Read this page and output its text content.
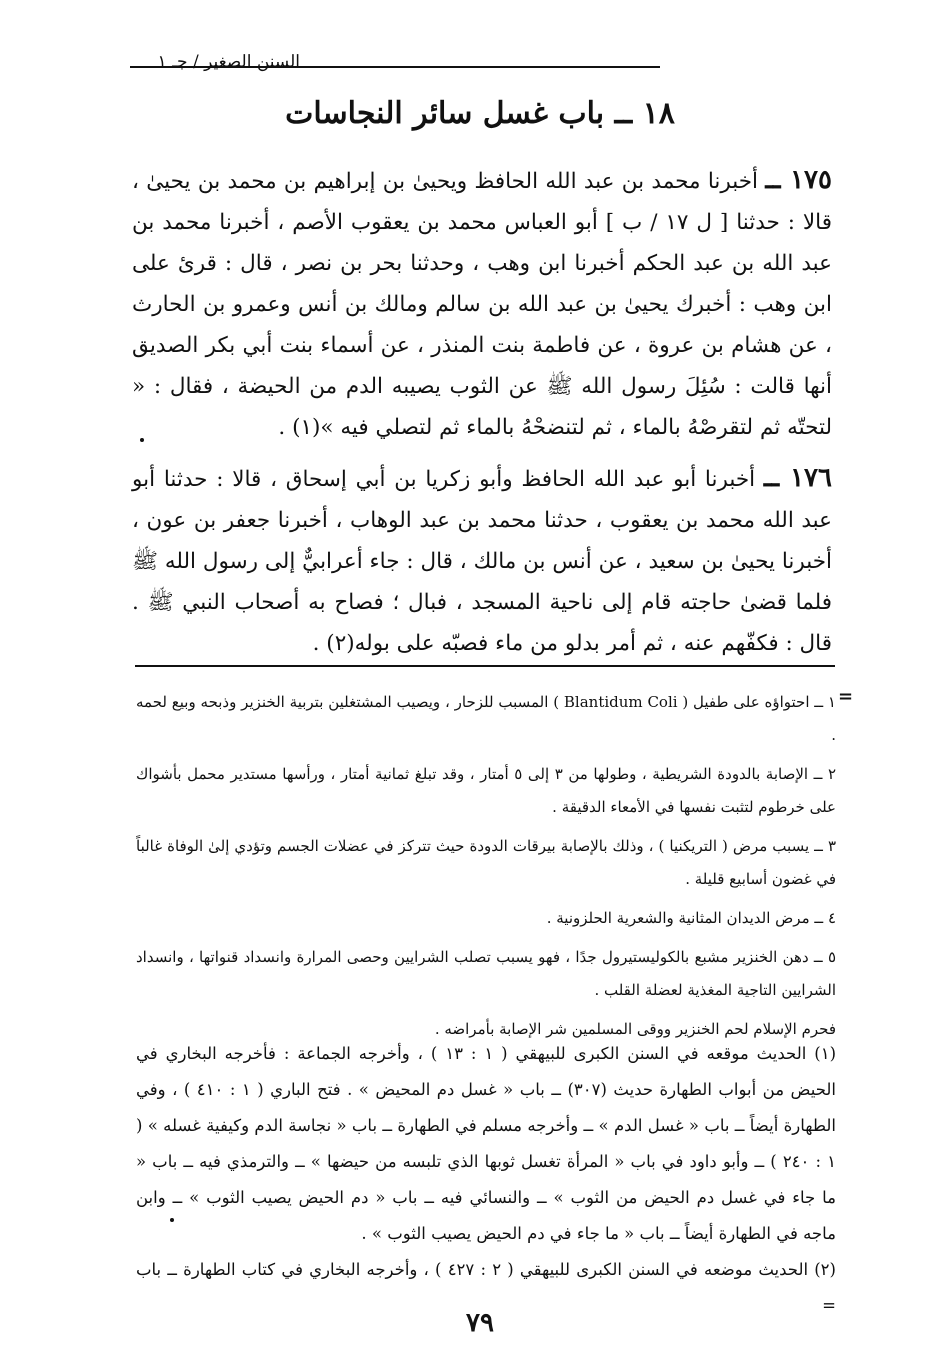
السنن الصغير / جـ ١
١٨ ــ باب غسل سائر النجاسات
١٧٥ ــ أخبرنا محمد بن عبد الله الحافظ ويحيىٰ بن إبراهيم بن محمد بن يحيىٰ ، قالا : حدثنا [ ل ١٧ / ب ] أبو العباس محمد بن يعقوب الأصم ، أخبرنا محمد بن عبد الله بن عبد الحكم أخبرنا ابن وهب ، وحدثنا بحر بن نصر ، قال : قرئ على ابن وهب : أخبرك يحيىٰ بن عبد الله بن سالم ومالك بن أنس وعمرو بن الحارث ، عن هشام بن عروة ، عن فاطمة بنت المنذر ، عن أسماء بنت أبي بكر الصديق أنها قالت : سُئِلَ رسول الله ﷺ عن الثوب يصيبه الدم من الحيضة ، فقال : « لتحتّه ثم لتقرصْهُ بالماء ، ثم لتنضحْهُ بالماء ثم لتصلي فيه »(١) .
١٧٦ ــ أخبرنا أبو عبد الله الحافظ وأبو زكريا بن أبي إسحاق ، قالا : حدثنا أبو عبد الله محمد بن يعقوب ، حدثنا محمد بن عبد الوهاب ، أخبرنا جعفر بن عون ، أخبرنا يحيىٰ بن سعيد ، عن أنس بن مالك ، قال : جاء أعرابيٌّ إلى رسول الله ﷺ فلما قضىٰ حاجته قام إلى ناحية المسجد ، فبال ؛ فصاح به أصحاب النبي ﷺ . قال : فكفّهم عنه ، ثم أمر بدلو من ماء فصبّه على بوله(٢) .
=

١ ــ احتواؤه على طفيل ( Blantidum Coli ) المسبب للزحار ، ويصيب المشتغلين بتربية الخنزير وذبحه وبيع لحمه .

٢ ــ الإصابة بالدودة الشريطية ، وطولها من ٣ إلى ٥ أمتار ، وقد تبلغ ثمانية أمتار ، ورأسها مستدير محمل بأشواك على خرطوم لتثبت نفسها في الأمعاء الدقيقة .

٣ ــ يسبب مرض ( التريكنيا ) ، وذلك بالإصابة بيرقات الدودة حيث تتركز في عضلات الجسم وتؤدي إلىٰ الوفاة غالباً في غضون أسابيع قليلة .

٤ ــ مرض الديدان المثانية والشعرية الحلزونية .

٥ ــ دهن الخنزير مشبع بالكوليستيرول جدًا ، فهو يسبب تصلب الشرايين وحصى المرارة وانسداد قنواتها ، وانسداد الشرايين التاجية المغذية لعضلة القلب .

فحرم الإسلام لحم الخنزير ووقى المسلمين شر الإصابة بأمراضه .

(١) الحديث موقعه في السنن الكبرى للبيهقي ( ١ : ١٣ ) ، وأخرجه الجماعة : فأخرجه البخاري في الحيض من أبواب الطهارة حديث (٣٠٧) ــ باب « غسل دم المحيض » . فتح الباري ( ١ : ٤١٠ ) ، وفي الطهارة أيضاً ــ باب « غسل الدم » ــ وأخرجه مسلم في الطهارة ــ باب « نجاسة الدم وكيفية غسله » ( ١ : ٢٤٠ ) ــ وأبو داود في باب « المرأة تغسل ثوبها الذي تلبسه من حيضها » ــ والترمذي فيه ــ باب « ما جاء في غسل دم الحيض من الثوب » ــ والنسائي فيه ــ باب « دم الحيض يصيب الثوب » ــ وابن ماجه في الطهارة أيضاً ــ باب « ما جاء في دم الحيض يصيب الثوب » .

(٢) الحديث موضعه في السنن الكبرى للبيهقي ( ٢ : ٤٢٧ ) ، وأخرجه البخاري في كتاب الطهارة ــ باب =

٧٩
